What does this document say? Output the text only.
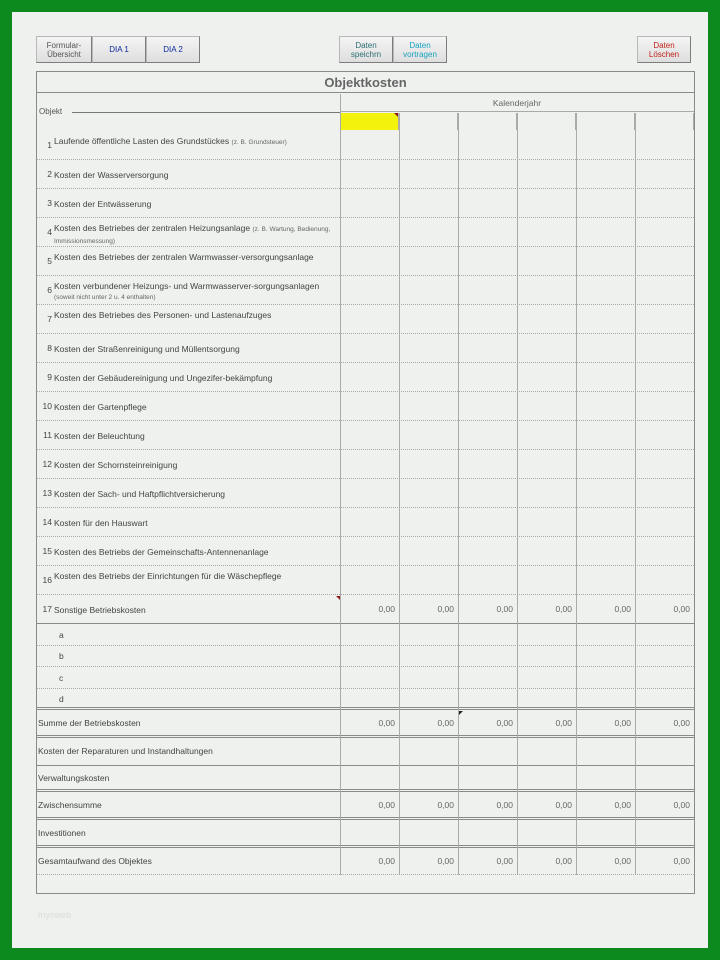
Formular-
Übersicht	DIA 1	DIA 2	Daten
speichrn
Daten
vortragen
Daten
Löschen
Objektkosten
Objekt
Kalenderjahr
1 Laufende öffentliche Lasten des Grundstückes (z. B. Grundsteuer)
2 Kosten der Wasserversorgung
3 Kosten der Entwässerung
4 Kosten des Betriebes der zentralen Heizungsanlage (z. B. Wartung, Bedienung, Immissionsmessung)
5 Kosten des Betriebes der zentralen Warmwasser-versorgungsanlage
6 Kosten verbundener Heizungs- und Warmwasserver-sorgungsanlagen (soweit nicht unter 2 u. 4 enthalten)
7 Kosten des Betriebes des Personen- und Lastenaufzuges
8 Kosten der Straßenreinigung und Müllentsorgung
9 Kosten der Gebäudereinigung und Ungezifer-bekämpfung
10 Kosten der Gartenpflege
11 Kosten der Beleuchtung
12 Kosten der Schornsteinreinigung
13 Kosten der Sach- und Haftpflichtversicherung
14 Kosten für den Hauswart
15 Kosten des Betriebs der Gemeinschafts-Antennenanlage
16 Kosten des Betriebs der Einrichtungen für die Wäschepflege
17 Sonstige Betriebskosten	0,00	0,00	0,00	0,00	0,00	0,00
a
b
c
d
Summe der Betriebskosten	0,00	0,00	0,00	0,00	0,00	0,00
Kosten der Reparaturen und Instandhaltungen
Verwaltungskosten
Zwischensumme	0,00	0,00	0,00	0,00	0,00	0,00
Investitionen
Gesamtaufwand des Objektes	0,00	0,00	0,00	0,00	0,00	0,00
mysweb
